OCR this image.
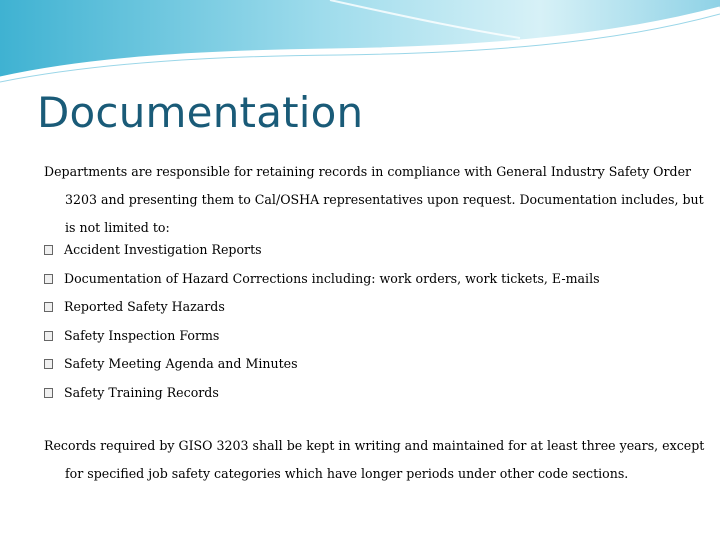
Documentation
Departments are responsible for retaining records in compliance with General Industry Safety Order 3203 and presenting them to Cal/OSHA representatives upon request. Documentation includes, but is not limited to:
Accident Investigation Reports
Documentation of Hazard Corrections including: work orders, work tickets, E-mails
Reported Safety Hazards
Safety Inspection Forms
Safety Meeting Agenda and Minutes
Safety Training Records
Records required by GISO 3203 shall be kept in writing and maintained for at least three years, except for specified job safety categories which have longer periods under other code sections.
